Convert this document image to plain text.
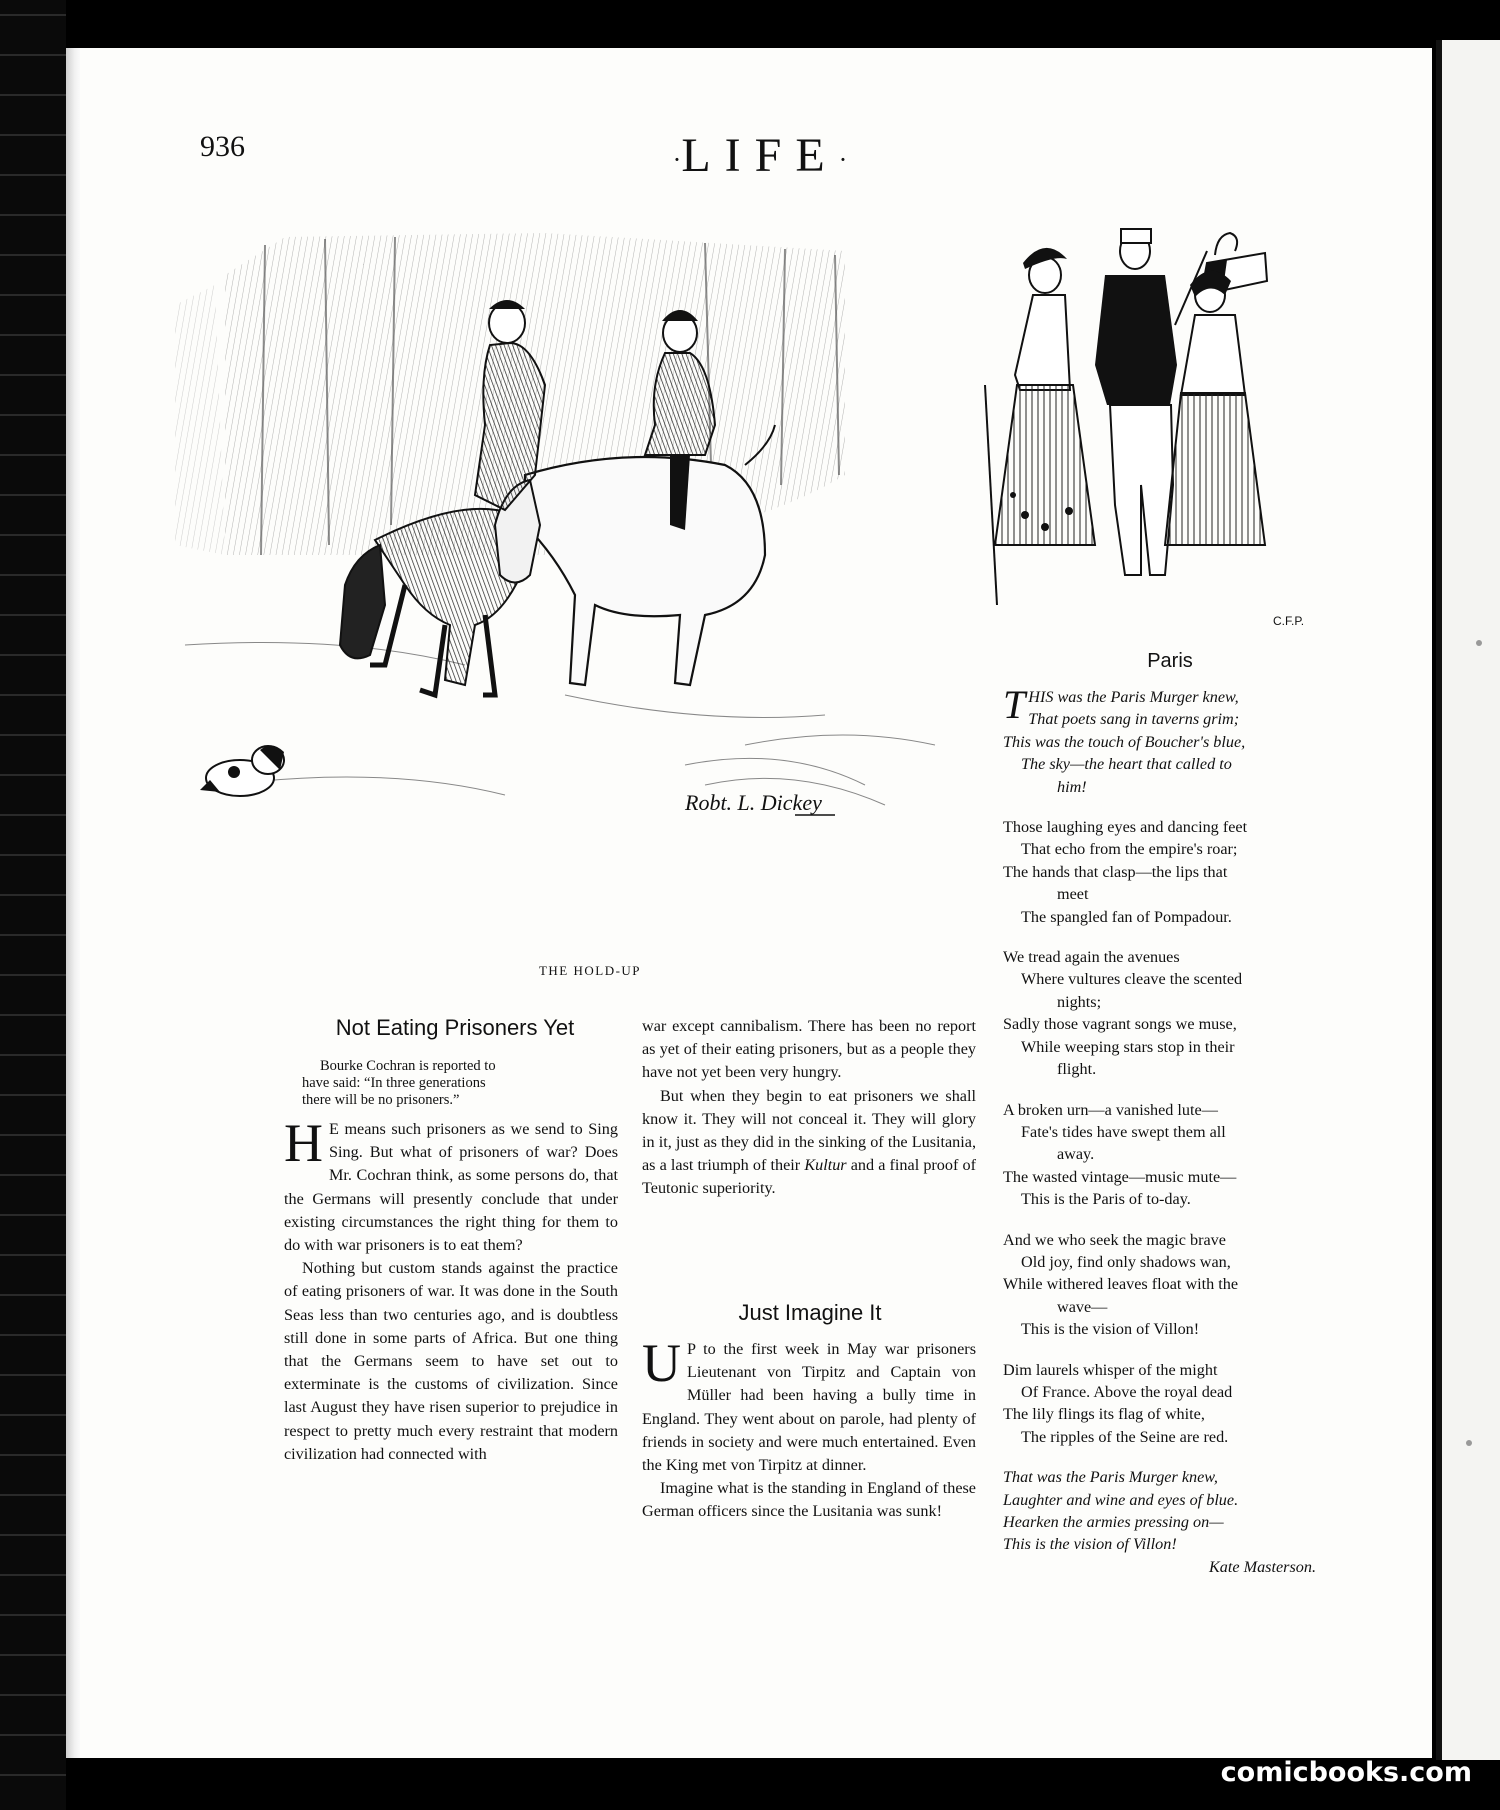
936	·LIFE·
Robt. L. Dickey
THE HOLD-UP
C.F.P.
Not Eating Prisoners Yet
Bourke Cochran is reported to
have said: “In three generations
there will be no prisoners.”

H E means such prisoners as we send to Sing Sing. But what of prisoners of war? Does Mr. Cochran think, as some persons do, that the Germans will presently conclude that under existing circumstances the right thing for them to do with war prisoners is to eat them?

Nothing but custom stands against the practice of eating prisoners of war. It was done in the South Seas less than two centuries ago, and is doubtless still done in some parts of Africa. But one thing that the Germans seem to have set out to exterminate is the customs of civilization. Since last August they have risen superior to prejudice in respect to pretty much every restraint that modern civilization had connected with

war except cannibalism. There has been no report as yet of their eating prisoners, but as a people they have not yet been very hungry.

But when they begin to eat prisoners we shall know it. They will not conceal it. They will glory in it, just as they did in the sinking of the Lusitania, as a last triumph of their Kultur and a final proof of Teutonic superiority.

Just Imagine It

U P to the first week in May war prisoners Lieutenant von Tirpitz and Captain von Müller had been having a bully time in England. They went about on parole, had plenty of friends in society and were much entertained. Even the King met von Tirpitz at dinner.

Imagine what is the standing in England of these German officers since the Lusitania was sunk!

Paris
THIS was the Paris Murger knew,
That poets sang in taverns grim;
This was the touch of Boucher's blue,
The sky—the heart that called to
him!
Those laughing eyes and dancing feet
That echo from the empire's roar;
The hands that clasp—the lips that
meet
The spangled fan of Pompadour.
We tread again the avenues
Where vultures cleave the scented
nights;
Sadly those vagrant songs we muse,
While weeping stars stop in their
flight.
A broken urn—a vanished lute—
Fate's tides have swept them all
away.
The wasted vintage—music mute—
This is the Paris of to-day.
And we who seek the magic brave
Old joy, find only shadows wan,
While withered leaves float with the
wave—
This is the vision of Villon!
Dim laurels whisper of the might
Of France. Above the royal dead
The lily flings its flag of white,
The ripples of the Seine are red.
That was the Paris Murger knew,
Laughter and wine and eyes of blue.
Hearken the armies pressing on—
This is the vision of Villon!
Kate Masterson.
comicbooks.com
